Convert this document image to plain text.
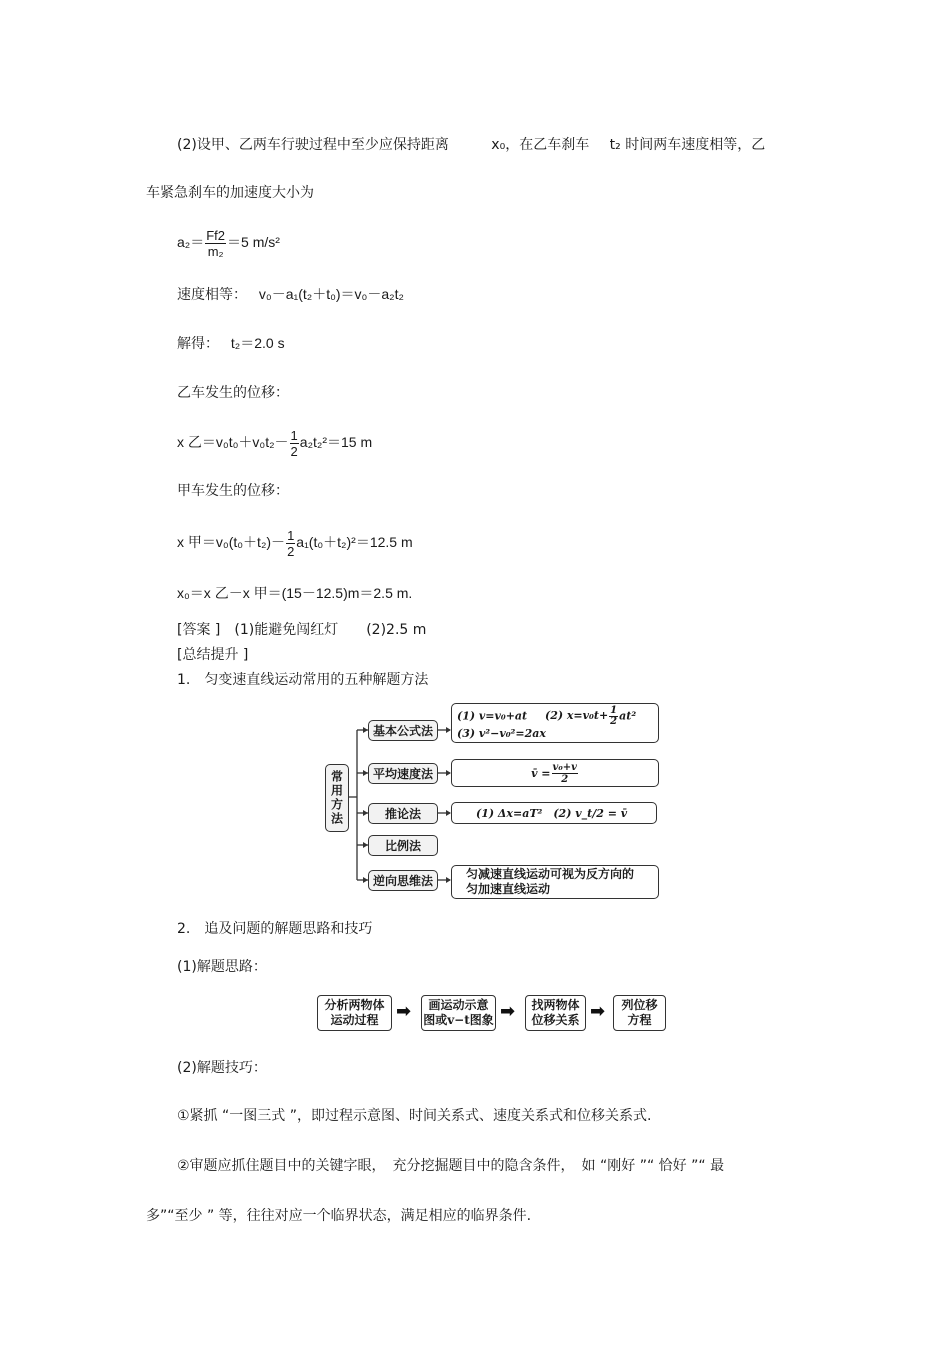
(2)设甲、乙两车行驶过程中至少应保持距离	x₀，在乙车刹车 t₂ 时间两车速度相等，乙
车紧急刹车的加速度大小为
$a_2= \frac{Ff2}{\text{m₂}} =5$ m/s²
速度相等： v₀－a₁(t₂＋t₀)＝v₀－a₂t₂
解得： t₂＝2.0 s
乙车发生的位移：
x 乙$=v_0t_0+v_0t_2- \frac{1}{2} a_2t_2^2=15$ m
甲车发生的位移：
x 甲$=v_0(t_0+t_2)- \frac{1}{2} a_1(t_0+t_2)^2=12.5$ m
x₀＝x 乙－x 甲＝(15－12.5)m＝2.5 m.
[答案 ]　(1)能避免闯红灯　　(2)2.5 m
[总结提升 ]
1.　匀变速直线运动常用的五种解题方法
常用方法
基本公式法
平均速度法
推论法
比例法
逆向思维法
(1) v=v₀+at (2) $x=v_0t+ \frac{1}{2} at^2$
(3) v²−v₀²=2ax
v̄ = $\frac{\text{v₀+v}}{2}$
(1) Δx=aT²　(2) v_t/2 = v̄
匀减速直线运动可视为反方向的
匀加速直线运动
2.　追及问题的解题思路和技巧
(1)解题思路：
分析两物体
运动过程 ➡ 画运动示意
图或v−t图象 ➡ 找两物体
位移关系 ➡ 列位移
方程
(2)解题技巧：
①紧抓 “一图三式 ”，即过程示意图、时间关系式、速度关系式和位移关系式.
②审题应抓住题目中的关键字眼，　充分挖掘题目中的隐含条件，　如 “刚好 ”“ 恰好 ”“ 最
多”“至少 ” 等，往往对应一个临界状态，满足相应的临界条件.
